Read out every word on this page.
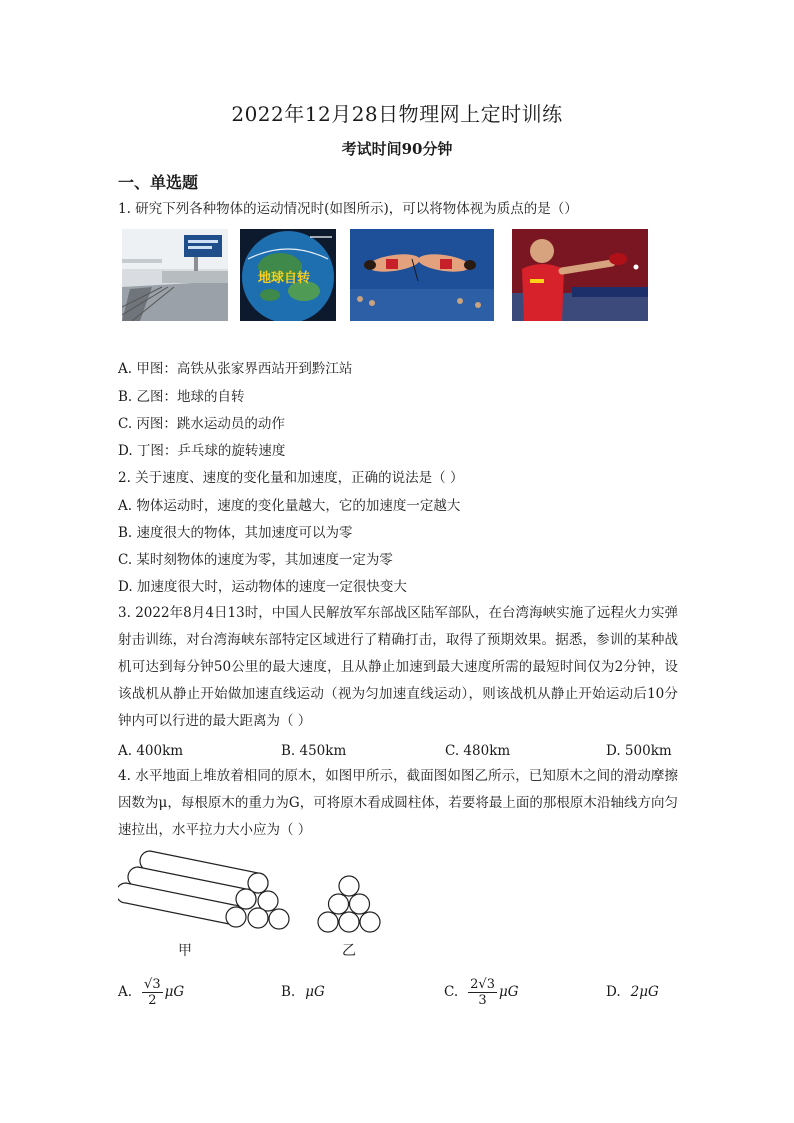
2022年12月28日物理网上定时训练
考试时间90分钟
一、单选题
1. 研究下列各种物体的运动情况时(如图所示)，可以将物体视为质点的是（）
地球自转
A. 甲图：高铁从张家界西站开到黔江站
B. 乙图：地球的自转
C. 丙图：跳水运动员的动作
D. 丁图：乒乓球的旋转速度
2. 关于速度、速度的变化量和加速度，正确的说法是（ ）
A. 物体运动时，速度的变化量越大，它的加速度一定越大
B. 速度很大的物体，其加速度可以为零
C. 某时刻物体的速度为零，其加速度一定为零
D. 加速度很大时，运动物体的速度一定很快变大
3. 2022年8月4日13时，中国人民解放军东部战区陆军部队，在台湾海峡实施了远程火力实弹射击训练，对台湾海峡东部特定区域进行了精确打击，取得了预期效果。据悉，参训的某种战机可达到每分钟50公里的最大速度，且从静止加速到最大速度所需的最短时间仅为2分钟，设该战机从静止开始做加速直线运动（视为匀加速直线运动），则该战机从静止开始运动后10分钟内可以行进的最大距离为（ ）
A. 400km	B. 450km	C. 480km	D. 500km
4. 水平地面上堆放着相同的原木，如图甲所示，截面图如图乙所示，已知原木之间的滑动摩擦因数为μ，每根原木的重力为G，可将原木看成圆柱体，若要将最上面的那根原木沿轴线方向匀速拉出，水平拉力大小应为（ ）
甲	乙
A. $\frac{√3}{2}$ μG	B. μG	C. $\frac{2√3}{3}$ μG	D. 2μG
